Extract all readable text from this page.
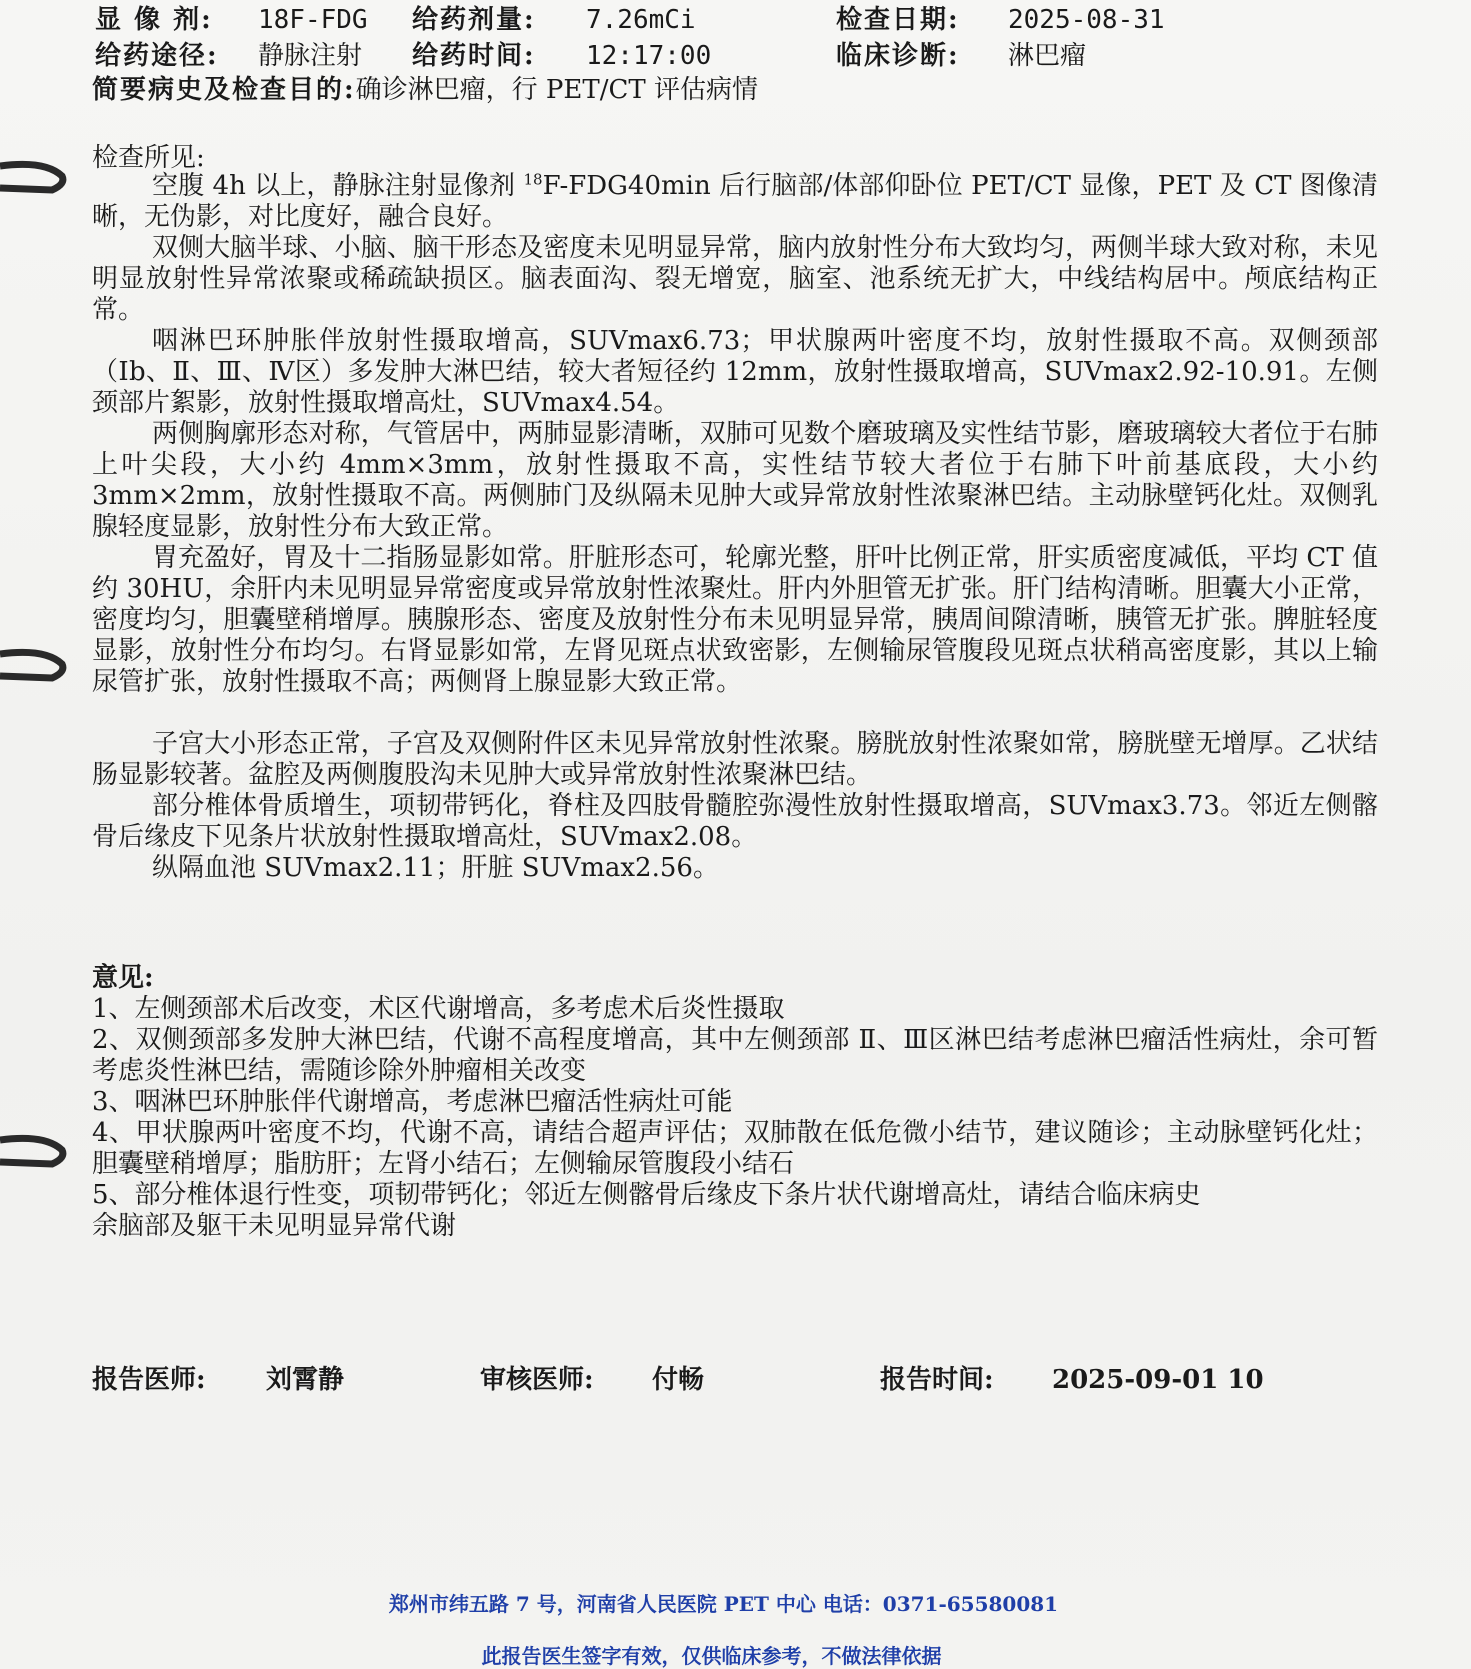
显 像 剂: 18F-FDG 给药剂量: 7.26mCi	检查日期: 2025-08-31
给药途径: 静脉注射 给药时间: 12:17:00	临床诊断: 淋巴瘤
简要病史及检查目的:确诊淋巴瘤，行 PET/CT 评估病情
检查所见:
空腹 4h 以上，静脉注射显像剂 $^{18}$F-FDG40min 后行脑部/体部仰卧位 PET/CT 显像，PET 及 CT 图像清晰，无伪影，对比度好，融合良好。
双侧大脑半球、小脑、脑干形态及密度未见明显异常，脑内放射性分布大致均匀，两侧半球大致对称，未见明显放射性异常浓聚或稀疏缺损区。脑表面沟、裂无增宽，脑室、池系统无扩大，中线结构居中。颅底结构正常。
咽淋巴环肿胀伴放射性摄取增高，SUVmax6.73；甲状腺两叶密度不均，放射性摄取不高。双侧颈部（Ⅰb、Ⅱ、Ⅲ、Ⅳ区）多发肿大淋巴结，较大者短径约 12mm，放射性摄取增高，SUVmax2.92-10.91。左侧颈部片絮影，放射性摄取增高灶，SUVmax4.54。
两侧胸廓形态对称，气管居中，两肺显影清晰，双肺可见数个磨玻璃及实性结节影，磨玻璃较大者位于右肺上叶尖段，大小约 4mm×3mm，放射性摄取不高，实性结节较大者位于右肺下叶前基底段，大小约 3mm×2mm，放射性摄取不高。两侧肺门及纵隔未见肿大或异常放射性浓聚淋巴结。主动脉壁钙化灶。双侧乳腺轻度显影，放射性分布大致正常。
胃充盈好，胃及十二指肠显影如常。肝脏形态可，轮廓光整，肝叶比例正常，肝实质密度减低，平均 CT 值约 30HU，余肝内未见明显异常密度或异常放射性浓聚灶。肝内外胆管无扩张。肝门结构清晰。胆囊大小正常，密度均匀，胆囊壁稍增厚。胰腺形态、密度及放射性分布未见明显异常，胰周间隙清晰，胰管无扩张。脾脏轻度显影，放射性分布均匀。右肾显影如常，左肾见斑点状致密影，左侧输尿管腹段见斑点状稍高密度影，其以上输尿管扩张，放射性摄取不高；两侧肾上腺显影大致正常。
子宫大小形态正常，子宫及双侧附件区未见异常放射性浓聚。膀胱放射性浓聚如常，膀胱壁无增厚。乙状结肠显影较著。盆腔及两侧腹股沟未见肿大或异常放射性浓聚淋巴结。
部分椎体骨质增生，项韧带钙化，脊柱及四肢骨髓腔弥漫性放射性摄取增高，SUVmax3.73。邻近左侧髂骨后缘皮下见条片状放射性摄取增高灶，SUVmax2.08。
纵隔血池 SUVmax2.11；肝脏 SUVmax2.56。
意见:
1、左侧颈部术后改变，术区代谢增高，多考虑术后炎性摄取
2、双侧颈部多发肿大淋巴结，代谢不高程度增高，其中左侧颈部 Ⅱ、Ⅲ区淋巴结考虑淋巴瘤活性病灶，余可暂考虑炎性淋巴结，需随诊除外肿瘤相关改变
3、咽淋巴环肿胀伴代谢增高，考虑淋巴瘤活性病灶可能
4、甲状腺两叶密度不均，代谢不高，请结合超声评估；双肺散在低危微小结节，建议随诊；主动脉壁钙化灶；胆囊壁稍增厚；脂肪肝；左肾小结石；左侧输尿管腹段小结石
5、部分椎体退行性变，项韧带钙化；邻近左侧髂骨后缘皮下条片状代谢增高灶，请结合临床病史
余脑部及躯干未见明显异常代谢
报告医师: 刘霄静	审核医师: 付畅	报告时间: 2025-09-01 10
郑州市纬五路 7 号，河南省人民医院 PET 中心 电话：0371-65580081
此报告医生签字有效，仅供临床参考，不做法律依据
